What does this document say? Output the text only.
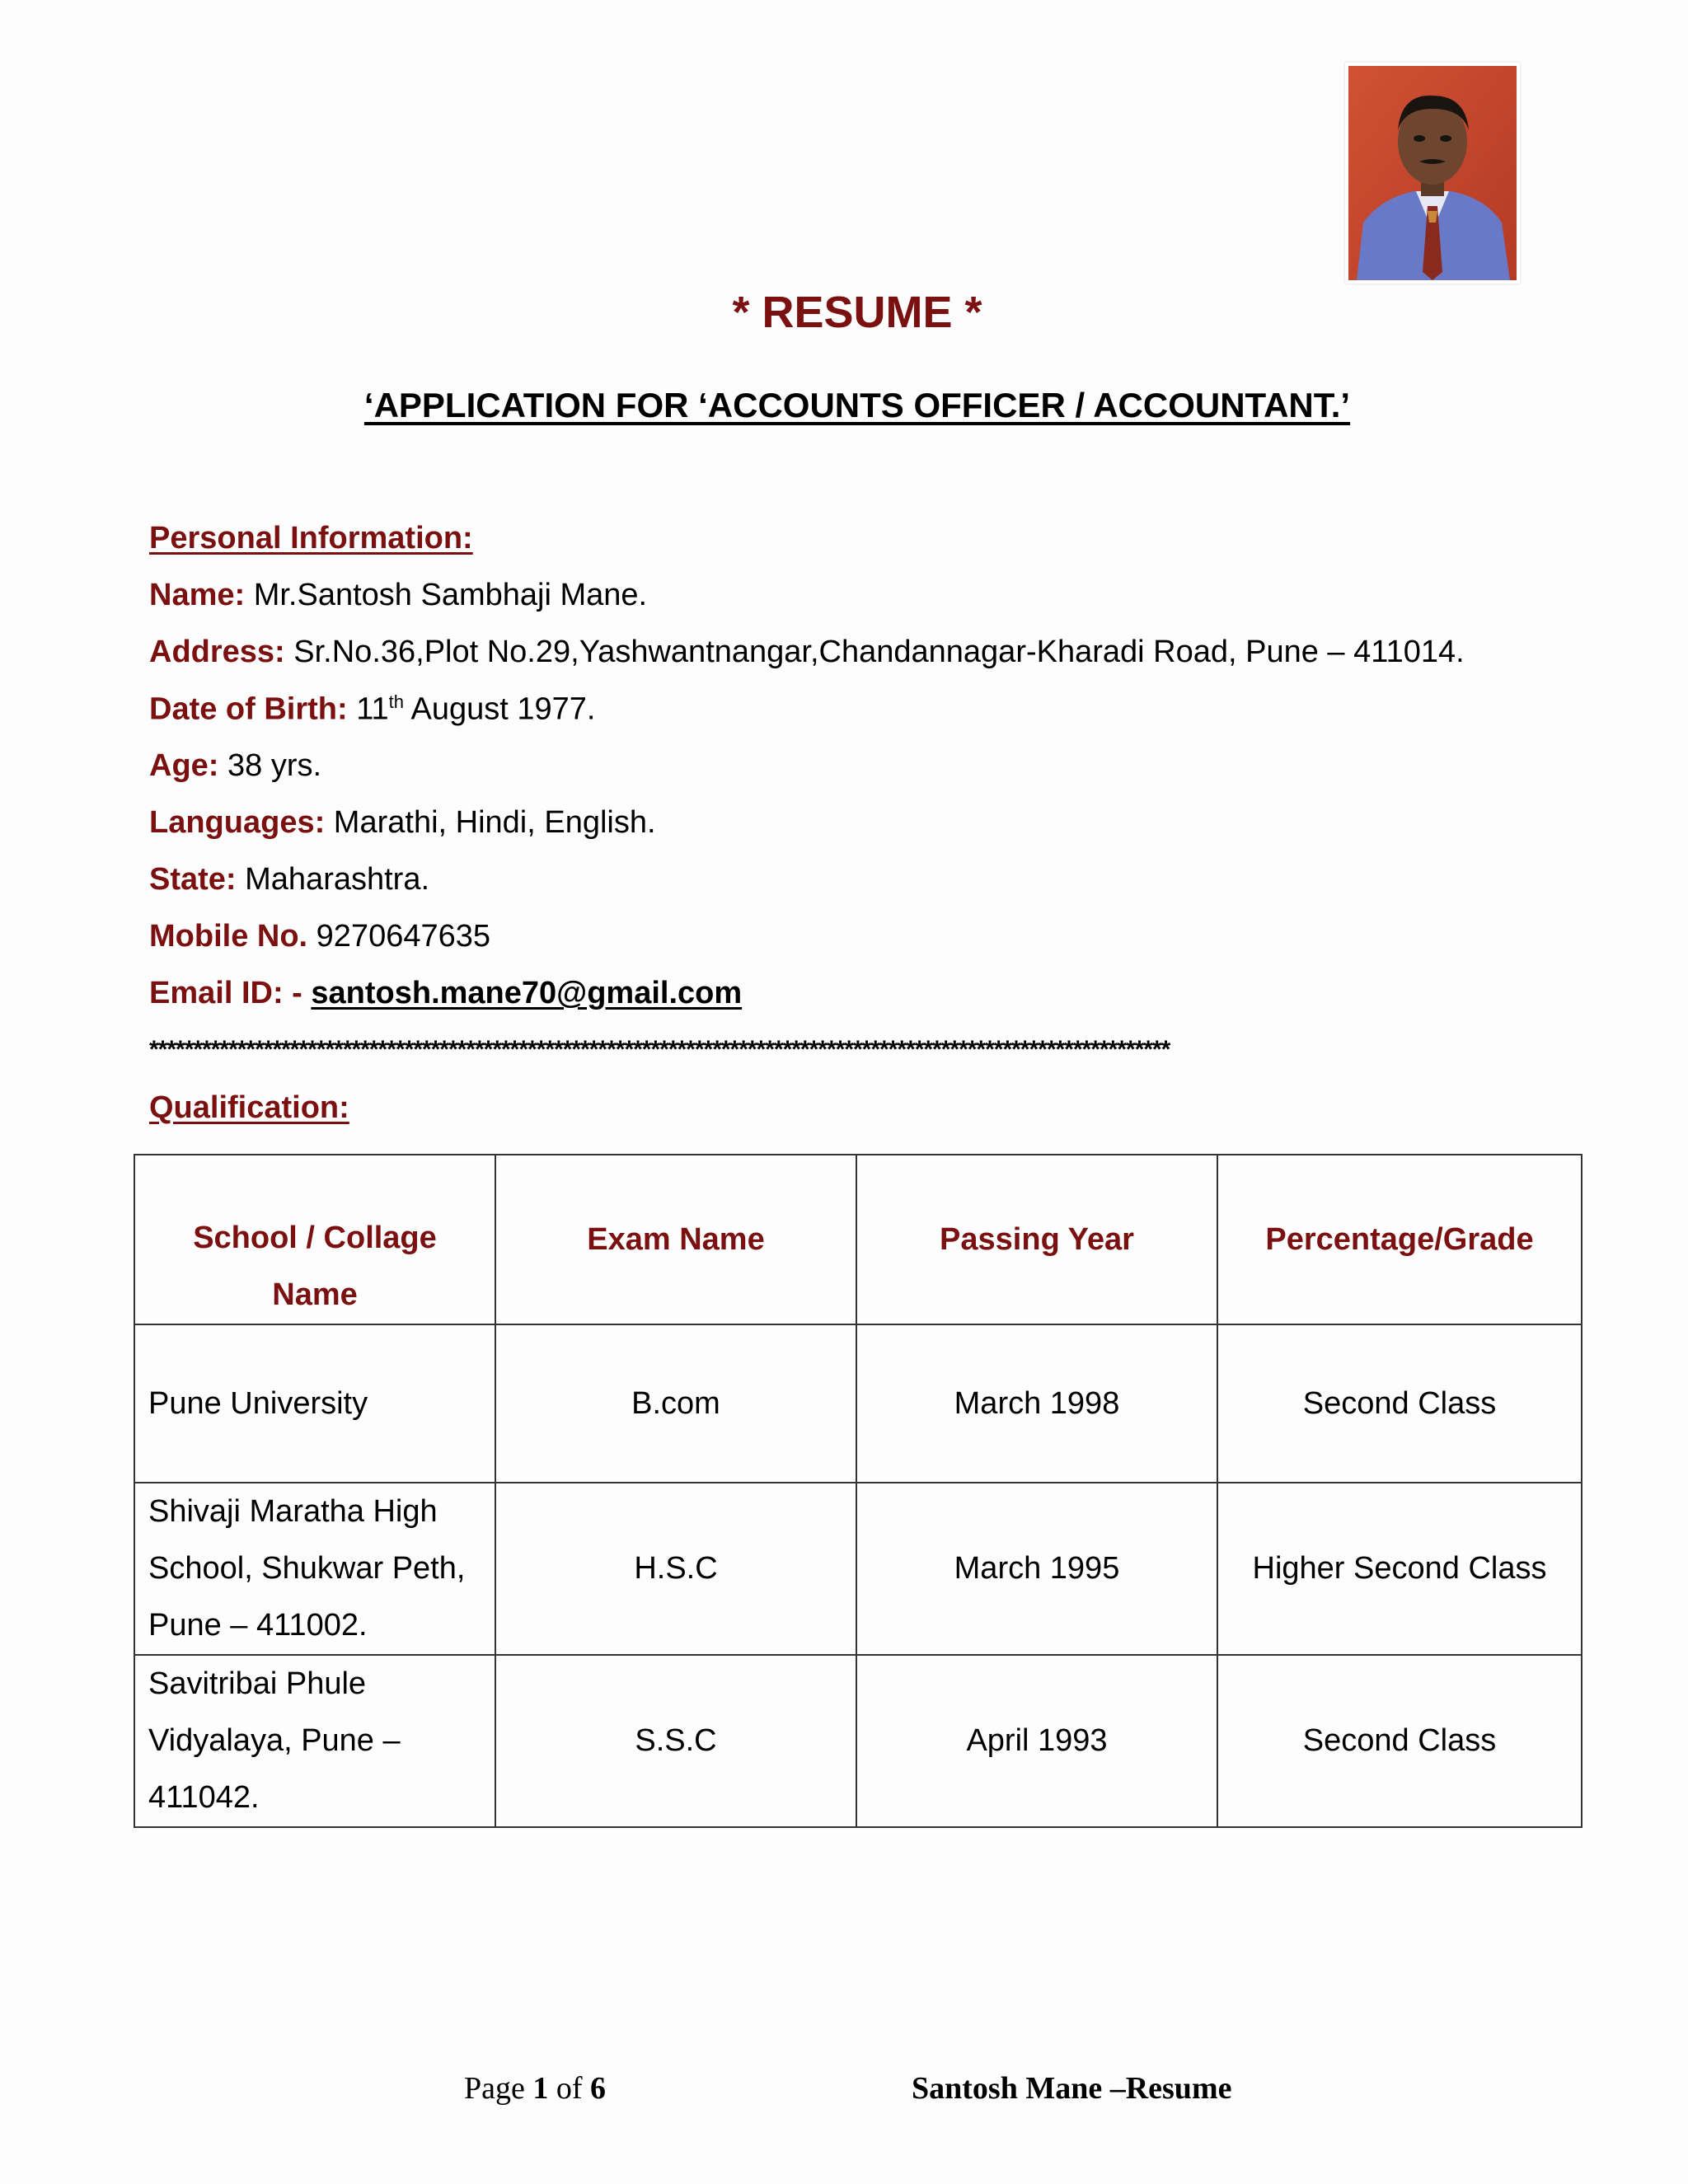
* RESUME *
‘APPLICATION FOR ‘ACCOUNTS OFFICER / ACCOUNTANT.’
Personal Information:
Name: Mr.Santosh Sambhaji Mane.
Address: Sr.No.36,Plot No.29,Yashwantnangar,Chandannagar-Kharadi Road, Pune – 411014.
Date of Birth: 11th August 1977.
Age: 38 yrs.
Languages: Marathi, Hindi, English.
State: Maharashtra.
Mobile No. 9270647635
Email ID: - santosh.mane70@gmail.com
********************************************************************************************************************
Qualification:
School / Collage Name	Exam Name	Passing Year	Percentage/Grade
Pune University	B.com	March 1998	Second Class
Shivaji Maratha High School, Shukwar Peth, Pune – 411002.	H.S.C	March 1995	Higher Second Class
Savitribai Phule Vidyalaya, Pune – 411042.	S.S.C	April 1993	Second Class
Page 1 of 6	Santosh Mane –Resume
